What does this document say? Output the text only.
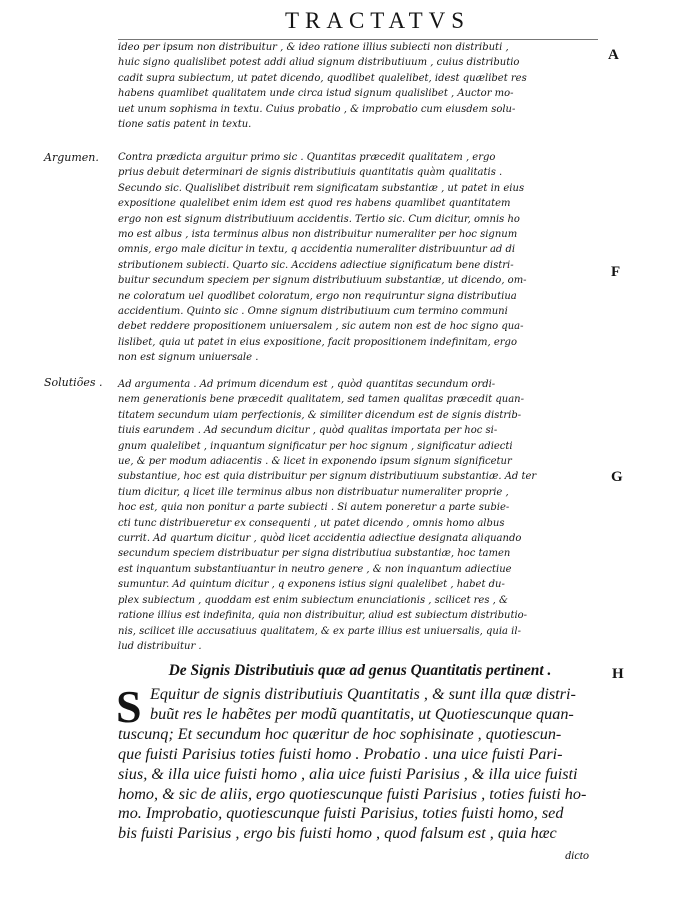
TRACTATVS
A
ideo per ipsum non distribuitur , & ideo ratione illius subiecti non distributi ,
huic signo qualislibet potest addi aliud signum distributiuum , cuius distributio
cadit supra subiectum, ut patet dicendo, quodlibet qualelibet, idest quælibet res
habens quamlibet qualitatem unde circa istud signum qualislibet , Auctor mo-
uet unum sophisma in textu. Cuius probatio , & improbatio cum eiusdem solu-
tione satis patent in textu.
Argumen. Contra prædicta arguitur primo sic . Quantitas præcedit qualitatem , ergo
prius debuit determinari de signis distributiuis quantitatis quàm qualitatis .
Secundo sic. Qualislibet distribuit rem significatam substantiæ , ut patet in eius
expositione qualelibet enim idem est quod res habens quamlibet quantitatem
ergo non est signum distributiuum accidentis. Tertio sic. Cum dicitur, omnis ho
mo est albus , ista terminus albus non distribuitur numeraliter per hoc signum
omnis, ergo male dicitur in textu, q accidentia numeraliter distribuuntur ad di
stributionem subiecti. Quarto sic. Accidens adiectiue significatum bene distri-
buitur secundum speciem per signum distributiuum substantiæ, ut dicendo, om-
ne coloratum uel quodlibet coloratum, ergo non requiruntur signa distributiua
accidentium. Quinto sic . Omne signum distributiuum cum termino communi
debet reddere propositionem uniuersalem , sic autem non est de hoc signo qua-
lislibet, quia ut patet in eius expositione, facit propositionem indefinitam, ergo
non est signum uniuersale .
F
Solutiões . Ad argumenta . Ad primum dicendum est , quòd quantitas secundum ordi-
nem generationis bene præcedit qualitatem, sed tamen qualitas præcedit quan-
titatem secundum uiam perfectionis, & similiter dicendum est de signis distrib-
tiuis earundem . Ad secundum dicitur , quòd qualitas importata per hoc si-
gnum qualelibet , inquantum significatur per hoc signum , significatur adiecti
ue, & per modum adiacentis . & licet in exponendo ipsum signum significetur
substantiue, hoc est quia distribuitur per signum distributiuum substantiæ. Ad ter
tium dicitur, q licet ille terminus albus non distribuatur numeraliter proprie ,
hoc est, quia non ponitur a parte subiecti . Si autem poneretur a parte subie-
cti tunc distribueretur ex consequenti , ut patet dicendo , omnis homo albus
currit. Ad quartum dicitur , quòd licet accidentia adiectiue designata aliquando
secundum speciem distribuatur per signa distributiua substantiæ, hoc tamen
est inquantum substantiuantur in neutro genere , & non inquantum adiectiue
sumuntur. Ad quintum dicitur , q exponens istius signi qualelibet , habet du-
plex subiectum , quoddam est enim subiectum enunciationis , scilicet res , &
ratione illius est indefinita, quia non distribuitur, aliud est subiectum distributio-
nis, scilicet ille accusatiuus qualitatem, & ex parte illius est uniuersalis, quia il-
lud distribuitur .
G
De Signis Distributiuis quæ ad genus Quantitatis pertinent .	H
S Equitur de signis distributiuis Quantitatis , & sunt illa quæ distri-
buũt res le habẽtes per modũ quantitatis, ut Quotiescunque quan-
tuscunq; Et secundum hoc quæritur de hoc sophisinate , quotiescun-
que fuisti Parisius toties fuisti homo . Probatio . una uice fuisti Pari-
sius, & illa uice fuisti homo , alia uice fuisti Parisius , & illa uice fuisti
homo, & sic de aliis, ergo quotiescunque fuisti Parisius , toties fuisti ho-
mo. Improbatio, quotiescunque fuisti Parisius, toties fuisti homo, sed
bis fuisti Parisius , ergo bis fuisti homo , quod falsum est , quia hæc
dicto
